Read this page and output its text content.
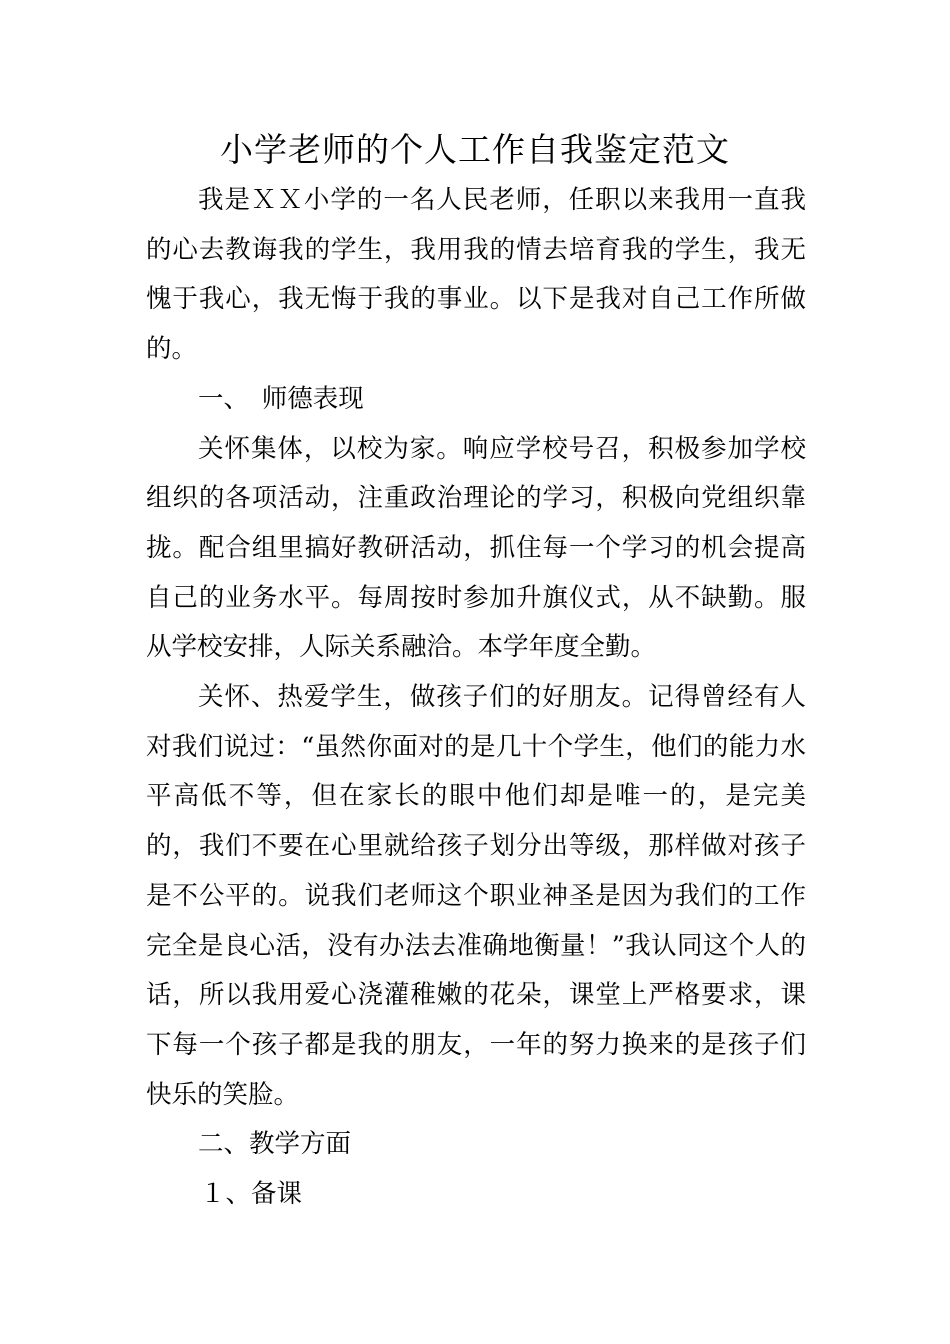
小学老师的个人工作自我鉴定范文

我是ＸＸ小学的一名人民老师，任职以来我用一直我的心去教诲我的学生，我用我的情去培育我的学生，我无愧于我心，我无悔于我的事业。以下是我对自己工作所做的。

一、　师德表现

关怀集体，以校为家。响应学校号召，积极参加学校组织的各项活动，注重政治理论的学习，积极向党组织靠拢。配合组里搞好教研活动，抓住每一个学习的机会提高自己的业务水平。每周按时参加升旗仪式，从不缺勤。服从学校安排，人际关系融洽。本学年度全勤。

关怀、热爱学生，做孩子们的好朋友。记得曾经有人对我们说过：“虽然你面对的是几十个学生，他们的能力水平高低不等，但在家长的眼中他们却是唯一的，是完美的，我们不要在心里就给孩子划分出等级，那样做对孩子是不公平的。说我们老师这个职业神圣是因为我们的工作完全是良心活，没有办法去准确地衡量！”我认同这个人的话，所以我用爱心浇灌稚嫩的花朵，课堂上严格要求，课下每一个孩子都是我的朋友，一年的努力换来的是孩子们快乐的笑脸。

二、教学方面

１、备课
